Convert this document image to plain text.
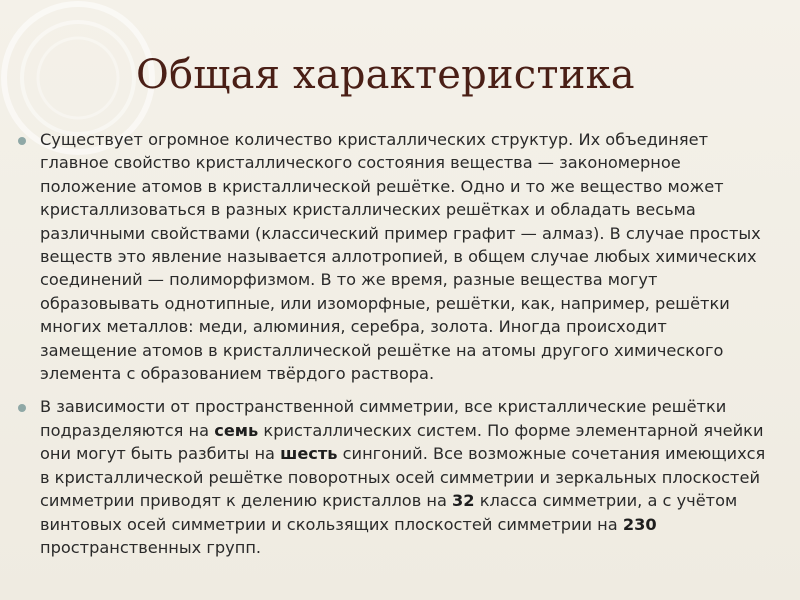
Общая характеристика
Существует огромное количество кристаллических структур. Их объединяет главное свойство кристаллического состояния вещества — закономерное положение атомов в кристаллической решётке. Одно и то же вещество может кристаллизоваться в разных кристаллических решётках и обладать весьма различными свойствами (классический пример графит — алмаз). В случае простых веществ это явление называется аллотропией, в общем случае любых химических соединений — полиморфизмом. В то же время, разные вещества могут образовывать однотипные, или изоморфные, решётки, как, например, решётки многих металлов: меди, алюминия, серебра, золота. Иногда происходит замещение атомов в кристаллической решётке на атомы другого химического элемента с образованием твёрдого раствора.
В зависимости от пространственной симметрии, все кристаллические решётки подразделяются на семь кристаллических систем. По форме элементарной ячейки они могут быть разбиты на шесть сингоний. Все возможные сочетания имеющихся в кристаллической решётке поворотных осей симметрии и зеркальных плоскостей симметрии приводят к делению кристаллов на 32 класса симметрии, а с учётом винтовых осей симметрии и скользящих плоскостей симметрии на 230 пространственных групп.
